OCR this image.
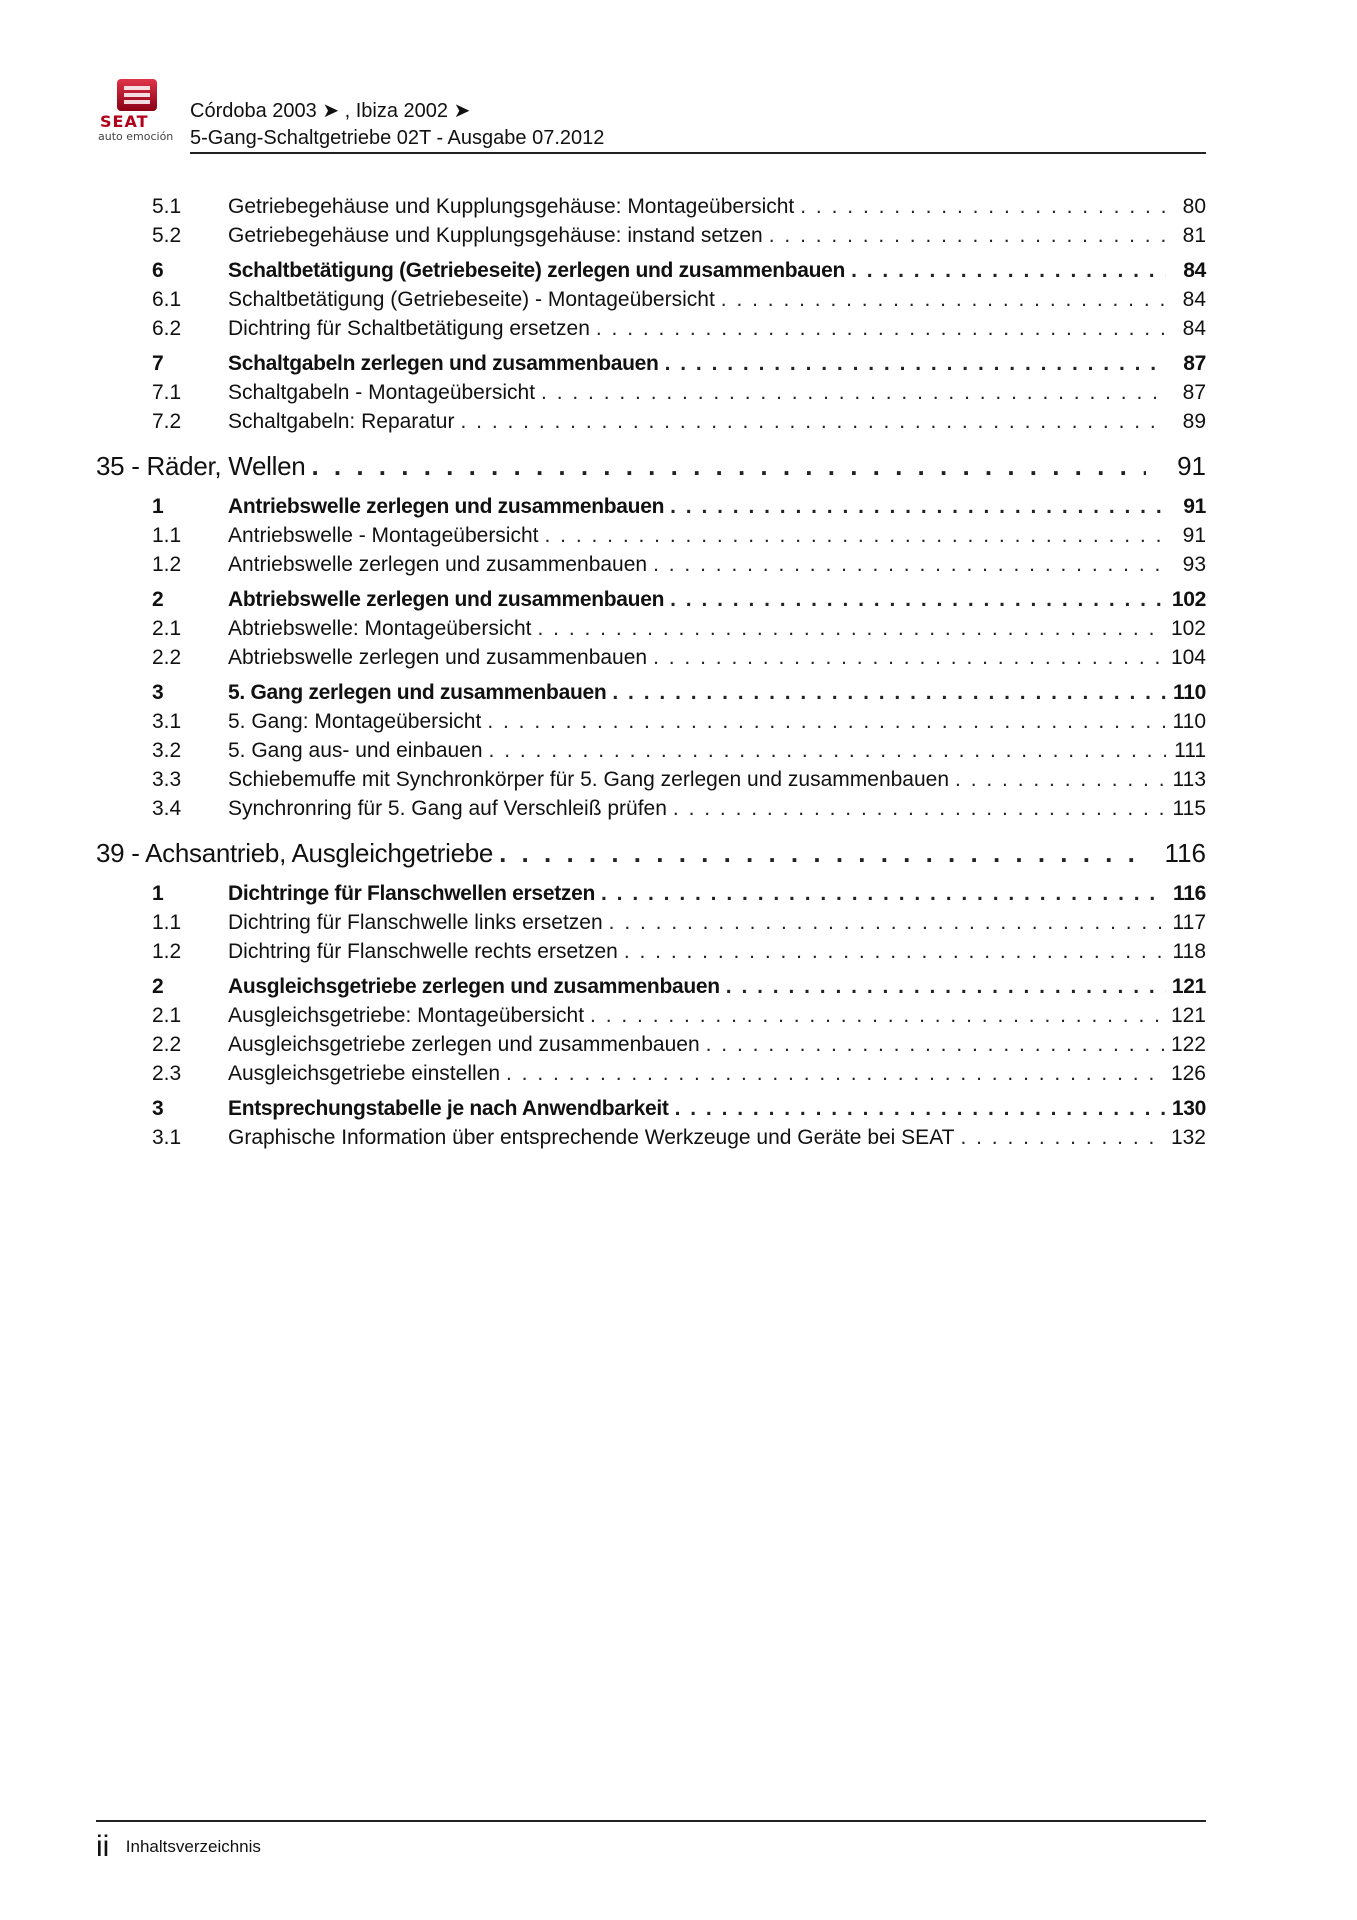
SEAT
auto emoción
Córdoba 2003 ➤ , Ibiza 2002 ➤
5-Gang-Schaltgetriebe 02T - Ausgabe 07.2012
5.1	Getriebegehäuse und Kupplungsgehäuse: Montageübersicht . . .	80
5.2	Getriebegehäuse und Kupplungsgehäuse: instand setzen . . .	81
6	Schaltbetätigung (Getriebeseite) zerlegen und zusammenbauen . . .	84
6.1	Schaltbetätigung (Getriebeseite) - Montageübersicht . . .	84
6.2	Dichtring für Schaltbetätigung ersetzen . . .	84
7	Schaltgabeln zerlegen und zusammenbauen . . .	87
7.1	Schaltgabeln - Montageübersicht . . .	87
7.2	Schaltgabeln: Reparatur . . .	89
35 - Räder, Wellen . . .	91
1	Antriebswelle zerlegen und zusammenbauen . . .	91
1.1	Antriebswelle - Montageübersicht . . .	91
1.2	Antriebswelle zerlegen und zusammenbauen . . .	93
2	Abtriebswelle zerlegen und zusammenbauen . . .	102
2.1	Abtriebswelle: Montageübersicht . . .	102
2.2	Abtriebswelle zerlegen und zusammenbauen . . .	104
3	5. Gang zerlegen und zusammenbauen . . .	110
3.1	5. Gang: Montageübersicht . . .	110
3.2	5. Gang aus- und einbauen . . .	111
3.3	Schiebemuffe mit Synchronkörper für 5. Gang zerlegen und zusammenbauen . . .	113
3.4	Synchronring für 5. Gang auf Verschleiß prüfen . . .	115
39 - Achsantrieb, Ausgleichgetriebe . . .	116
1	Dichtringe für Flanschwellen ersetzen . . .	116
1.1	Dichtring für Flanschwelle links ersetzen . . .	117
1.2	Dichtring für Flanschwelle rechts ersetzen . . .	118
2	Ausgleichsgetriebe zerlegen und zusammenbauen . . .	121
2.1	Ausgleichsgetriebe: Montageübersicht . . .	121
2.2	Ausgleichsgetriebe zerlegen und zusammenbauen . . .	122
2.3	Ausgleichsgetriebe einstellen . . .	126
3	Entsprechungstabelle je nach Anwendbarkeit . . .	130
3.1	Graphische Information über entsprechende Werkzeuge und Geräte bei SEAT . . .	132
ii Inhaltsverzeichnis
